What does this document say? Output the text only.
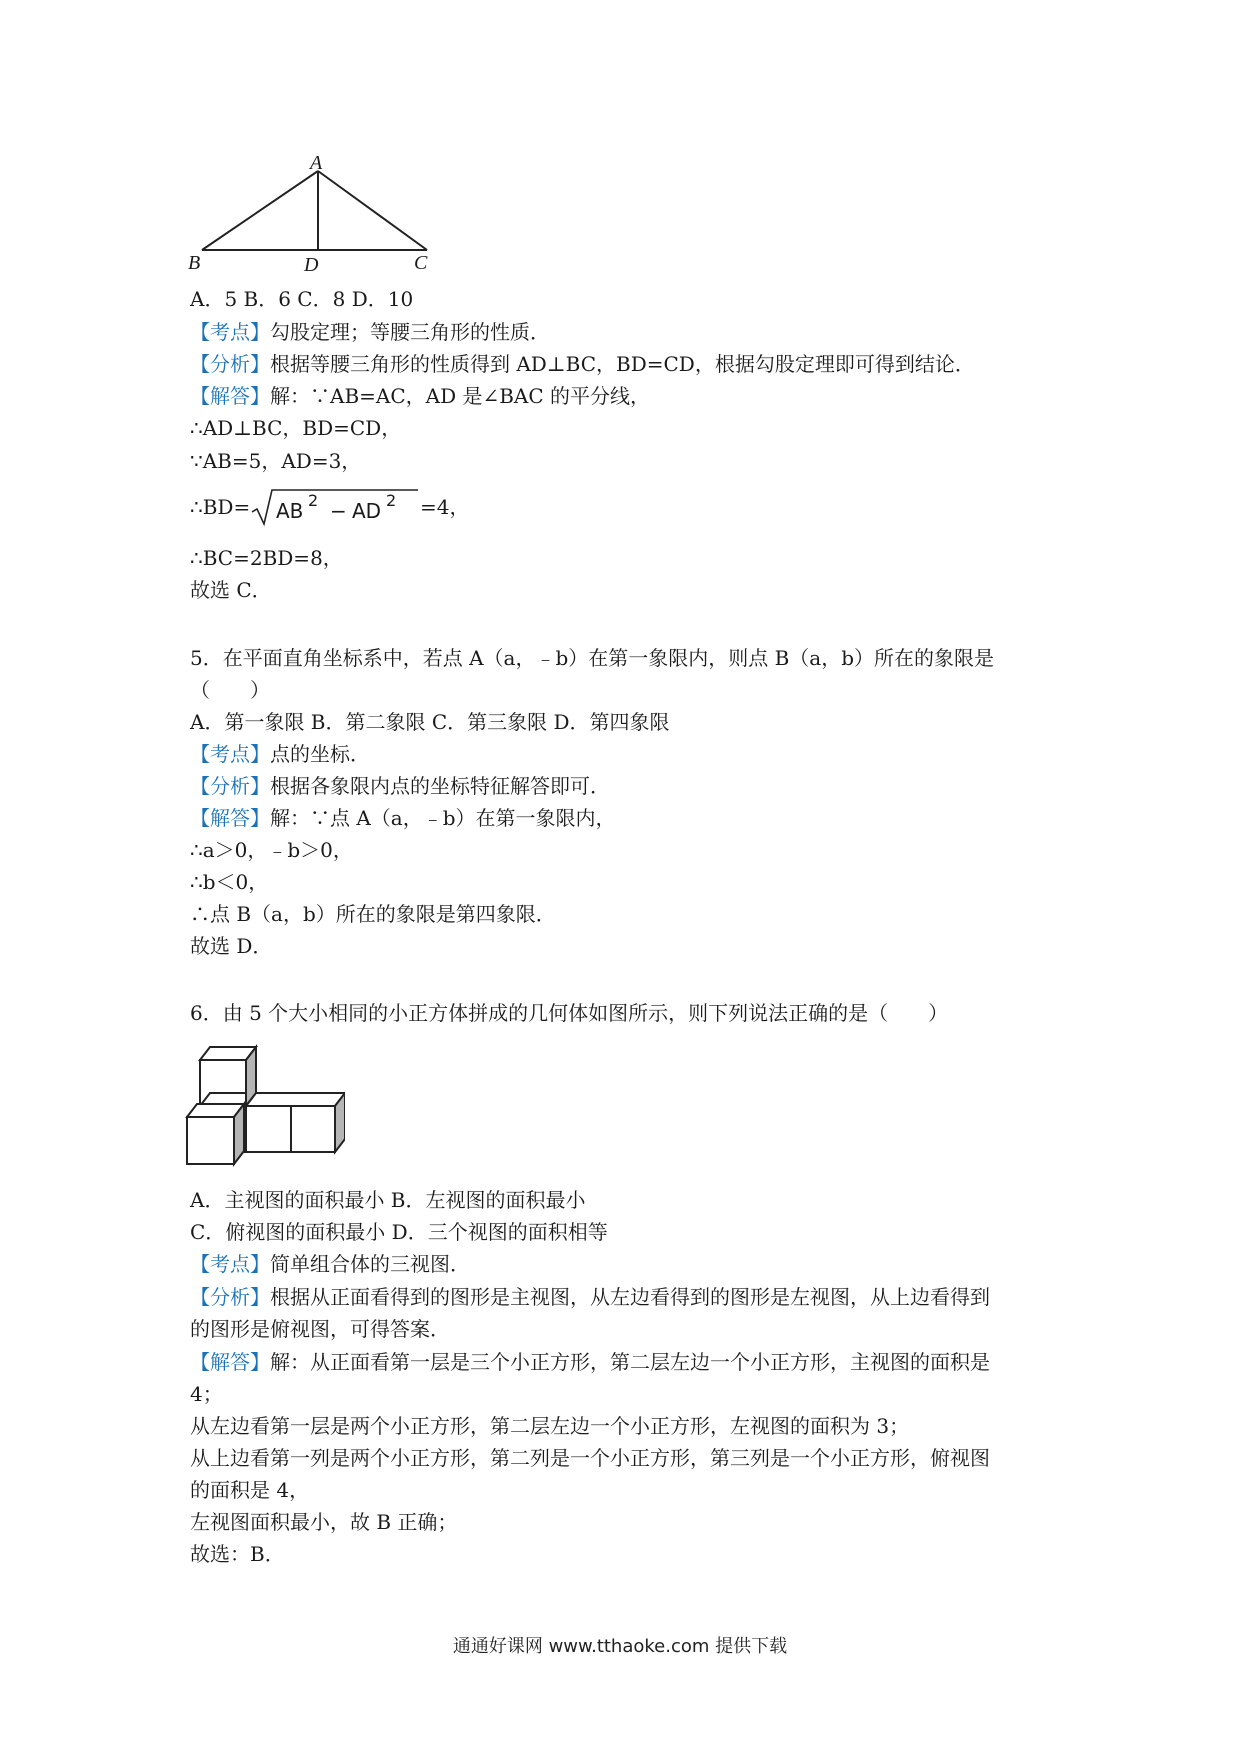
A
B	D	C
A．5 B．6 C．8 D．10
【考点】勾股定理；等腰三角形的性质．
【分析】根据等腰三角形的性质得到 AD⊥BC，BD=CD，根据勾股定理即可得到结论．
【解答】解：∵AB=AC，AD 是∠BAC 的平分线，
∴AD⊥BC，BD=CD，
∵AB=5，AD=3，
∴BD= AB 2 − AD 2 =4，
∴BC=2BD=8，
故选 C．
5．在平面直角坐标系中，若点 A（a，﹣b）在第一象限内，则点 B（a，b）所在的象限是
（　　）
A．第一象限 B．第二象限 C．第三象限 D．第四象限
【考点】点的坐标．
【分析】根据各象限内点的坐标特征解答即可．
【解答】解：∵点 A（a，﹣b）在第一象限内，
∴a＞0，﹣b＞0，
∴b＜0，
∴点 B（a，b）所在的象限是第四象限．
故选 D．
6．由 5 个大小相同的小正方体拼成的几何体如图所示，则下列说法正确的是（　　）
A．主视图的面积最小 B．左视图的面积最小
C．俯视图的面积最小 D．三个视图的面积相等
【考点】简单组合体的三视图．
【分析】根据从正面看得到的图形是主视图，从左边看得到的图形是左视图，从上边看得到
的图形是俯视图，可得答案．
【解答】解：从正面看第一层是三个小正方形，第二层左边一个小正方形，主视图的面积是
4；
从左边看第一层是两个小正方形，第二层左边一个小正方形，左视图的面积为 3；
从上边看第一列是两个小正方形，第二列是一个小正方形，第三列是一个小正方形，俯视图
的面积是 4，
左视图面积最小，故 B 正确；
故选：B．
通通好课网 www.tthaoke.com 提供下载
